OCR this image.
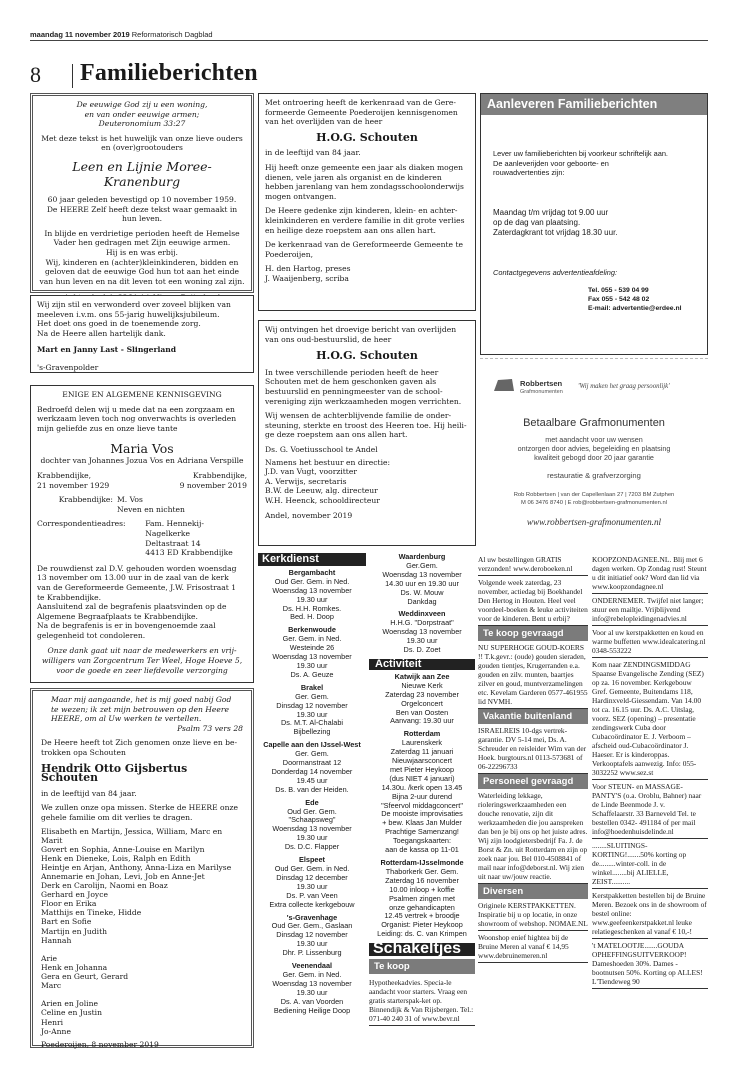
maandag 11 november 2019 Reformatorisch Dagblad
8 Familieberichten
De eeuwige God zij u een woning,
en van onder eeuwige armen;
Deuteronomium 33:27
Met deze tekst is het huwelijk van onze lieve ouders
en (over)grootouders
Leen en Lijnie Moree-Kranenburg
60 jaar geleden bevestigd op 10 november 1959.
De HEERE Zelf heeft deze tekst waar gemaakt in
hun leven.
In blijde en verdrietige perioden heeft de Hemelse
Vader hen gedragen met Zijn eeuwige armen.
Hij is en was erbij.
Wij, kinderen en (achter)kleinkinderen, bidden en
geloven dat de eeuwige God hun tot aan het einde
van hun leven en na dit leven tot een woning zal zijn.
Wij zijn stil en verwonderd over zoveel blijken van
meeleven i.v.m. ons 55-jarig huwelijksjubileum.
Het doet ons goed in de toenemende zorg.
Na de Heere allen hartelijk dank.
Mart en Janny Last - Slingerland
's-Gravenpolder
ENIGE EN ALGEMENE KENNISGEVING
Bedroefd delen wij u mede dat na een zorgzaam en
werkzaam leven toch nog onverwachts is overleden
mijn geliefde zus en onze lieve tante
Maria Vos
dochter van Johannes Jozua Vos en Adriana Verspille
Krabbendijke,
21 november 1929
Krabbendijke,
9 november 2019
Krabbendijke: M. Vos
Neven en nichten
Correspondentieadres:	Fam. Hennekij-Nagelkerke
Deltastraat 14
4413 ED Krabbendijke
De rouwdienst zal D.V. gehouden worden woensdag
13 november om 13.00 uur in de zaal van de kerk
van de Gereformeerde Gemeente, J.W. Frisostraat 1
te Krabbendijke.
Aansluitend zal de begrafenis plaatsvinden op de
Algemene Begraafplaats te Krabbendijke.
Na de begrafenis is er in bovengenoemde zaal
gelegenheid tot condoleren.
Onze dank gaat uit naar de medewerkers en vrij-
willigers van Zorgcentrum Ter Weel, Hoge Hoeve 5,
voor de goede en zeer liefdevolle verzorging
Maar mij aangaande, het is mij goed nabij God
te wezen; ik zet mijn betrouwen op den Heere
HEERE, om al Uw werken te vertellen.
Psalm 73 vers 28
De Heere heeft tot Zich genomen onze lieve en be-
trokken opa Schouten
Hendrik Otto Gijsbertus Schouten
in de leeftijd van 84 jaar.
We zullen onze opa missen. Sterke de HEERE onze
gehele familie om dit verlies te dragen.
Elisabeth en Martijn, Jessica, William, Marc en Marit
Govert en Sophia, Anne-Louise en Marilyn
Henk en Dieneke, Lois, Ralph en Edith
Heintje en Arjan, Anthony, Anna-Liza en Marilyse
Annemarie en Johan, Levi, Job en Anne-Jet
Derk en Carolijn, Naomi en Boaz
Gerhard en Joyce
Floor en Erika
Matthijs en Tineke, Hidde
Bart en Sofie
Martijn en Judith
Hannah

Arie
Henk en Johanna
Gera en Geurt, Gerard
Marc

Arien en Joline
Celine en Justin
Henri
Jo-Anne
Poederoijen, 8 november 2019
Met ontroering heeft de kerkenraad van de Gere-
formeerde Gemeente Poederoijen kennisgenomen
van het overlijden van de heer
H.O.G. Schouten
in de leeftijd van 84 jaar.
Hij heeft onze gemeente een jaar als diaken mogen
dienen, vele jaren als organist en de kinderen
hebben jarenlang van hem zondagsschoolonderwijs
mogen ontvangen.
De Heere gedenke zijn kinderen, klein- en achter-
kleinkinderen en verdere familie in dit grote verlies
en heilige deze roepstem aan ons allen hart.
De kerkenraad van de Gereformeerde Gemeente te
Poederoijen,
H. den Hartog, preses
J. Waaijenberg, scriba
Wij ontvingen het droevige bericht van overlijden
van ons oud-bestuurslid, de heer
H.O.G. Schouten
In twee verschillende perioden heeft de heer
Schouten met de hem geschonken gaven als
bestuurslid en penningmeester van de school-
vereniging zijn werkzaamheden mogen verrichten.
Wij wensen de achterblijvende familie de onder-
steuning, sterkte en troost des Heeren toe. Hij heili-
ge deze roepstem aan ons allen hart.
Ds. G. Voetiusschool te Andel
Namens het bestuur en directie:
J.D. van Vugt, voorzitter
A. Verwijs, secretaris
B.W. de Leeuw, alg. directeur
W.H. Heenck, schooldirecteur
Andel, november 2019
Aanleveren Familieberichten
Lever uw familieberichten bij voorkeur schriftelijk aan.
De aanleverijden voor geboorte- en
rouwadvertenties zijn:
Maandag t/m vrijdag tot 9.00 uur
op de dag van plaatsing.
Zaterdagkrant tot vrijdag 18.30 uur.
Contactgegevens advertentieafdeling:
Tel. 055 - 539 04 99
Fax 055 - 542 48 02
E-mail: advertentie@erdee.nl
Robbertsen
Grafmonumenten
'Wij maken het graag persoonlijk'
Betaalbare Grafmonumenten
met aandacht voor uw wensen
ontzorgen door advies, begeleiding en plaatsing
kwaliteit gebogd door 20 jaar garantie
restauratie & grafverzorging
Rob Robbertsen | van der Capellenlaan 27 | 7203 BM Zutphen
M 06 3476 8740 | E rob@robbertsen-grafmonumenten.nl
www.robbertsen-grafmonumenten.nl
Kerkdienst
Bergambacht
Oud Ger. Gem. in Ned.
Woensdag 13 november
19.30 uur
Ds. H.H. Romkes.
Bed. H. Doop
Berkenwoude
Ger. Gem. in Ned.
Westeinde 26
Woensdag 13 november
19.30 uur
Ds. A. Geuze
Brakel
Ger. Gem.
Dinsdag 12 november
19.30 uur
Ds. M.T. Al-Chalabi
Bijbellezing
Capelle aan den IJssel-West
Ger. Gem.
Doormanstraat 12
Donderdag 14 november
19.45 uur
Ds. B. van der Heiden.
Ede
Oud Ger. Gem.
"Schaapsweg"
Woensdag 13 november
19.30 uur
Ds. D.C. Flapper
Elspeet
Oud Ger. Gem. in Ned.
Dinsdag 12 december
19.30 uur
Ds. P. van Veen
Extra collecte kerkgebouw
's-Gravenhage
Oud Ger. Gem., Gaslaan
Dinsdag 12 november
19.30 uur
Dhr. P. Lissenburg
Veenendaal
Ger. Gem. in Ned.
Woensdag 13 november
19.30 uur
Ds. A. van Voorden
Bediening Heilige Doop
Waardenburg
Ger.Gem.
Woensdag 13 november
14.30 uur en 19.30 uur
Ds. W. Mouw
Dankdag
Weddinxveen
H.H.G. "Dorpstraat"
Woensdag 13 november
19.30 uur
Ds. D. Zoet
Activiteit
Katwijk aan Zee
Nieuwe Kerk
Zaterdag 23 november
Orgelconcert
Ben van Oosten
Aanvang: 19.30 uur
Rotterdam
Laurenskerk
Zaterdag 11 januari
Nieuwjaarsconcert
met Pieter Heykoop
(dus NIET 4 januari)
14.30u. /kerk open 13.45
Bijna 2-uur durend
"Sfeervol middagconcert"
De mooiste improvisaties
+ bew. Klaas Jan Mulder
Prachtige Samenzang!
Toegangskaarten:
aan de kassa op 11-01
Rotterdam-IJsselmonde
Thaborkerk Ger. Gem.
Zaterdag 16 november
10.00 inloop + koffie
Psalmen zingen met
onze gehandicapten
12.45 vertrek + broodje
Organist: Pieter Heykoop
Leiding: ds. C. van Krimpen
Schakeltjes
Te koop

Hypotheekadvies. Specia-le aandacht voor starters. Vraag een gratis starterspak-ket op. Binnendijk & Van Rijsbergen. Tel.: 071-40 240 31 of www.bevr.nl

Al uw bestellingen GRATIS verzonden! www.deroboeken.nl

Volgende week zaterdag, 23 november, actiedag bij Boekhandel Den Hertog in Houten. Heel veel voordeel-boeken & leuke activiteiten voor de kinderen. Bent u erbij?

Te koop gevraagd

NU SUPERHOGE GOUD-KOERS !! T.k.gevr.: (oude) gouden sieraden, gouden tientjes, Krugerranden e.a. gouden en zilv. munten, baartjes zilver en goud, muntverzamelingen etc. Kevelam Garderen 0577-461955 lid NVMH.

Vakantie buitenland

ISRAELREIS 10-dgs vertrek-garantie. DV 5-14 mei, Ds. A. Schreuder en reisleider Wim van der Hoek. burgtours.nl 0113-573681 of 06-22296733

Personeel gevraagd

Waterleiding lekkage, rioleringswerkzaamheden een douche renovatie, zijn dit werkzaamheden die jou aanspreken dan ben je bij ons op het juiste adres. Wij zijn loodgietersbedrijf Fa. J. de Borst & Zn. uit Rotterdam en zijn op zoek naar jou. Bel 010-4508841 of mail naar info@deborst.nl. Wij zien uit naar uw/jouw reactie.

Diversen

Originele KERSTPAKKETTEN. Inspiratie bij u op locatie, in onze showroom of webshop. NOMAE.NL

Woonshop enief hightea bij de Bruine Meren al vanaf € 14,95 www.debruinemeren.nl

KOOPZONDAGNEE.NL. Blij met 6 dagen werken. Op Zondag rust! Steunt u dit initiatief ook? Word dan lid via www.koopzondagnee.nl

ONDERNEMER. Twijfel niet langer; stuur een mailtje. Vrijblijvend info@rebelopleidingenadvies.nl

Voor al uw kerstpakketten en koud en warme buffetten www.idealcatering.nl 0348-553222

Kom naar ZENDINGSMIDDAG Spaanse Evangelische Zending (SEZ) op za. 16 november. Kerkgebouw Gref. Gemeente, Buitendams 118, Hardinxveld-Giessendam. Van 14.00 tot ca. 16.15 uur. Ds. A.C. Uitslag, voorz. SEZ (opening) – presentatie zendingswerk Cuba door Cubacoördinator E. J. Verboom – afscheid oud-Cubacoördinator J. Haeser. Er is kinderoppas. Verkooptafels aanwezig. Info: 055-3032252 www.sez.st

Voor STEUN- en MASSAGE-PANTY'S (o.a. Oroblu, Bahner) naar de Linde Beenmode J. v. Schaffelaarstr. 33 Barneveld Tel. te bestellen 0342- 491184 of per mail info@hoedenhuisdelinde.nl

........SLUITINGS-KORTING!.......50% korting op de.........winter-coll. in de winkel........bij ALIELLE, ZEIST..........

Kerstpakketten bestellen bij de Bruine Meren. Bezoek ons in de showroom of bestel online: www.geefeenkerstpakket.nl leuke relatiegeschenken al vanaf € 10,-!

't MATELOOTJE.......GOUDA OPHEFFINGSUITVERKOOP! Dameshoeden 30%. Dames -bootnutsen 50%. Korting op ALLES! L'Tiendeweg 90
